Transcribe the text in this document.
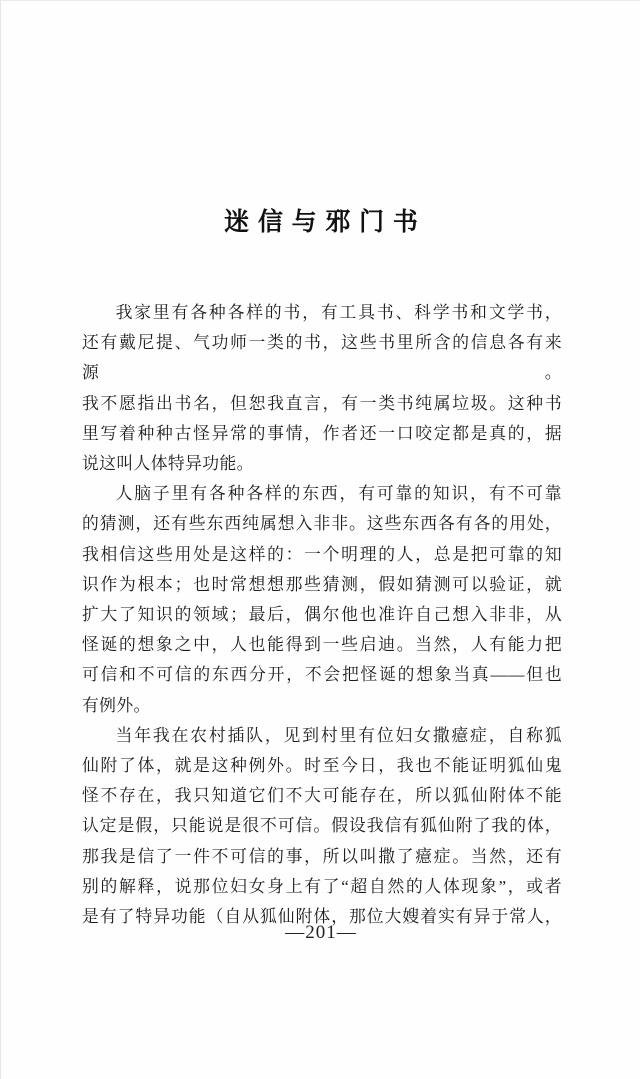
迷信与邪门书
我家里有各种各样的书，有工具书、科学书和文学书，
还有戴尼提、气功师一类的书，这些书里所含的信息各有来源。
我不愿指出书名，但恕我直言，有一类书纯属垃圾。这种书
里写着种种古怪异常的事情，作者还一口咬定都是真的，据
说这叫人体特异功能。
人脑子里有各种各样的东西，有可靠的知识，有不可靠
的猜测，还有些东西纯属想入非非。这些东西各有各的用处，
我相信这些用处是这样的：一个明理的人，总是把可靠的知
识作为根本；也时常想想那些猜测，假如猜测可以验证，就
扩大了知识的领域；最后，偶尔他也准许自己想入非非，从
怪诞的想象之中，人也能得到一些启迪。当然，人有能力把
可信和不可信的东西分开，不会把怪诞的想象当真——但也
有例外。
当年我在农村插队，见到村里有位妇女撒癔症，自称狐
仙附了体，就是这种例外。时至今日，我也不能证明狐仙鬼
怪不存在，我只知道它们不大可能存在，所以狐仙附体不能
认定是假，只能说是很不可信。假设我信有狐仙附了我的体，
那我是信了一件不可信的事，所以叫撒了癔症。当然，还有
别的解释，说那位妇女身上有了“超自然的人体现象”，或者
是有了特异功能（自从狐仙附体，那位大嫂着实有异于常人，
—201—
